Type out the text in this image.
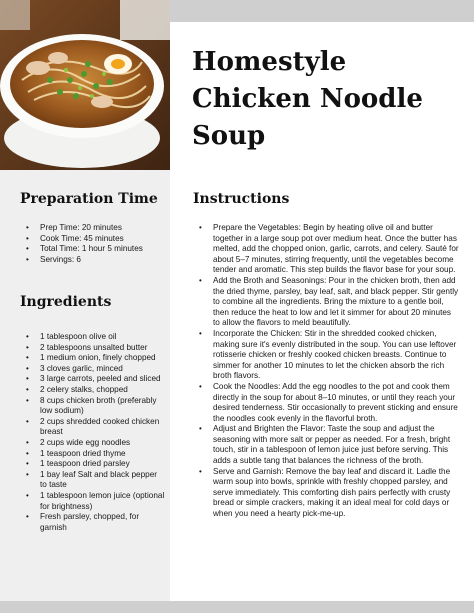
Homestyle
Chicken Noodle
Soup
Preparation Time
• Prep Time: 20 minutes
• Cook Time: 45 minutes
• Total Time: 1 hour 5 minutes
• Servings: 6
Ingredients
• 1 tablespoon olive oil
• 2 tablespoons unsalted butter
• 1 medium onion, finely chopped
• 3 cloves garlic, minced
• 3 large carrots, peeled and sliced
• 2 celery stalks, chopped
• 8 cups chicken broth (preferably low sodium)
• 2 cups shredded cooked chicken breast
• 2 cups wide egg noodles
• 1 teaspoon dried thyme
• 1 teaspoon dried parsley
• 1 bay leaf Salt and black pepper to taste
• 1 tablespoon lemon juice (optional for brightness)
• Fresh parsley, chopped, for garnish
Instructions
• Prepare the Vegetables: Begin by heating olive oil and butter together in a large soup pot over medium heat. Once the butter has melted, add the chopped onion, garlic, carrots, and celery. Sauté for about 5–7 minutes, stirring frequently, until the vegetables become tender and aromatic. This step builds the flavor base for your soup.
• Add the Broth and Seasonings: Pour in the chicken broth, then add the dried thyme, parsley, bay leaf, salt, and black pepper. Stir gently to combine all the ingredients. Bring the mixture to a gentle boil, then reduce the heat to low and let it simmer for about 20 minutes to allow the flavors to meld beautifully.
• Incorporate the Chicken: Stir in the shredded cooked chicken, making sure it's evenly distributed in the soup. You can use leftover rotisserie chicken or freshly cooked chicken breasts. Continue to simmer for another 10 minutes to let the chicken absorb the rich broth flavors.
• Cook the Noodles: Add the egg noodles to the pot and cook them directly in the soup for about 8–10 minutes, or until they reach your desired tenderness. Stir occasionally to prevent sticking and ensure the noodles cook evenly in the flavorful broth.
• Adjust and Brighten the Flavor: Taste the soup and adjust the seasoning with more salt or pepper as needed. For a fresh, bright touch, stir in a tablespoon of lemon juice just before serving. This adds a subtle tang that balances the richness of the broth.
• Serve and Garnish: Remove the bay leaf and discard it. Ladle the warm soup into bowls, sprinkle with freshly chopped parsley, and serve immediately. This comforting dish pairs perfectly with crusty bread or simple crackers, making it an ideal meal for cold days or when you need a hearty pick-me-up.
